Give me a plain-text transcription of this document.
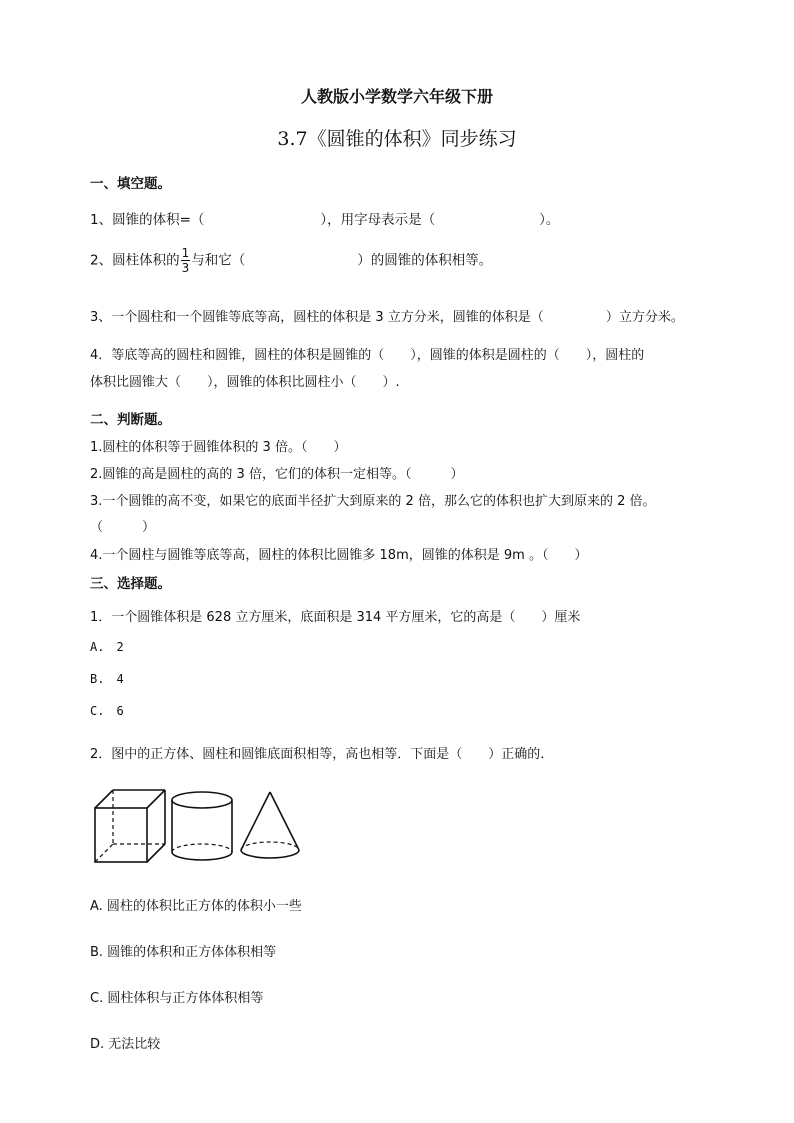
人教版小学数学六年级下册
3.7《圆锥的体积》同步练习
一、填空题。
1、圆锥的体积=（	），用字母表示是（	）。
2、圆柱体积的 $\frac{1}{3}$ 与和它（	）的圆锥的体积相等。
3、一个圆柱和一个圆锥等底等高，圆柱的体积是 3 立方分米，圆锥的体积是（	）立方分米。
4．等底等高的圆柱和圆锥，圆柱的体积是圆锥的（　　），圆锥的体积是圆柱的（　　），圆柱的
体积比圆锥大（　　），圆锥的体积比圆柱小（　　）.
二、判断题。
1.圆柱的体积等于圆锥体积的 3 倍。（　　）
2.圆锥的高是圆柱的高的 3 倍，它们的体积一定相等。（　　　）
3.一个圆锥的高不变，如果它的底面半径扩大到原来的 2 倍，那么它的体积也扩大到原来的 2 倍。
（　　　）
4.一个圆柱与圆锥等底等高，圆柱的体积比圆锥多 18m，圆锥的体积是 9m 。（　　）
三、选择题。
1．一个圆锥体积是 628 立方厘米，底面积是 314 平方厘米，它的高是（　　）厘米
A.　2
B.　4
C.　6
2．图中的正方体、圆柱和圆锥底面积相等，高也相等．下面是（　　）正确的．
A. 圆柱的体积比正方体的体积小一些
B. 圆锥的体积和正方体体积相等
C. 圆柱体积与正方体体积相等
D. 无法比较
